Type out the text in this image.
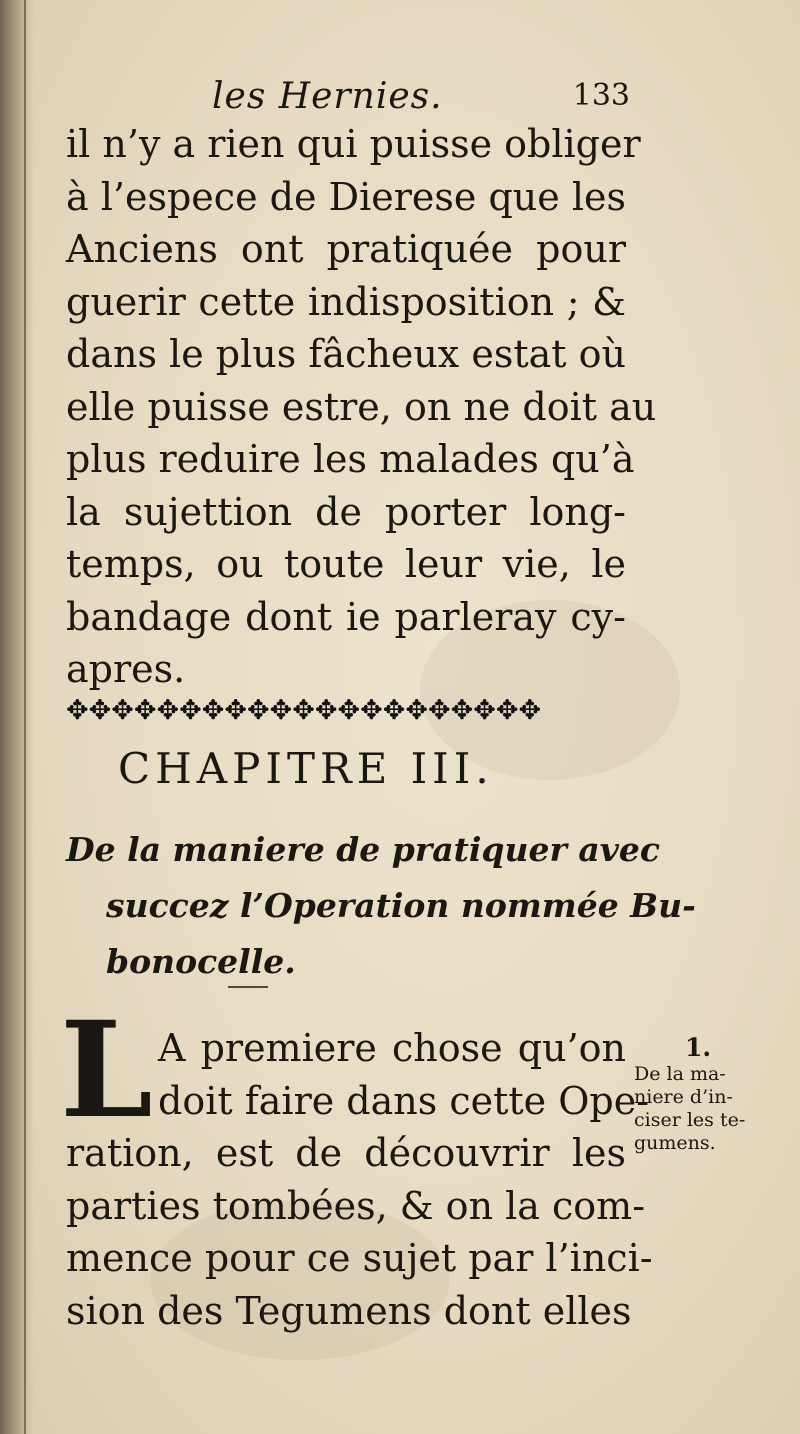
les Hernies.	133
il n’y a rien qui puisse obliger
à l’espece de Dierese que les
Anciens ont pratiquée pour
guerir cette indisposition ; &
dans le plus fâcheux estat où
elle puisse estre, on ne doit au
plus reduire les malades qu’à
la sujettion de porter long-
temps, ou toute leur vie, le
bandage dont ie parleray cy-
apres.
✥✥✥✥✥✥✥✥✥✥✥✥✥✥✥✥✥✥✥✥✥
CHAPITRE III.
De la maniere de pratiquer avec
succez l’Operation nommée Bu-
bonocelle.
L A premiere chose qu’on
doit faire dans cette Ope-
ration, est de découvrir les
parties tombées, & on la com-
mence pour ce sujet par l’inci-
sion des Tegumens dont elles
1.
De la ma-
niere d’in-
ciser les te-
gumens.
